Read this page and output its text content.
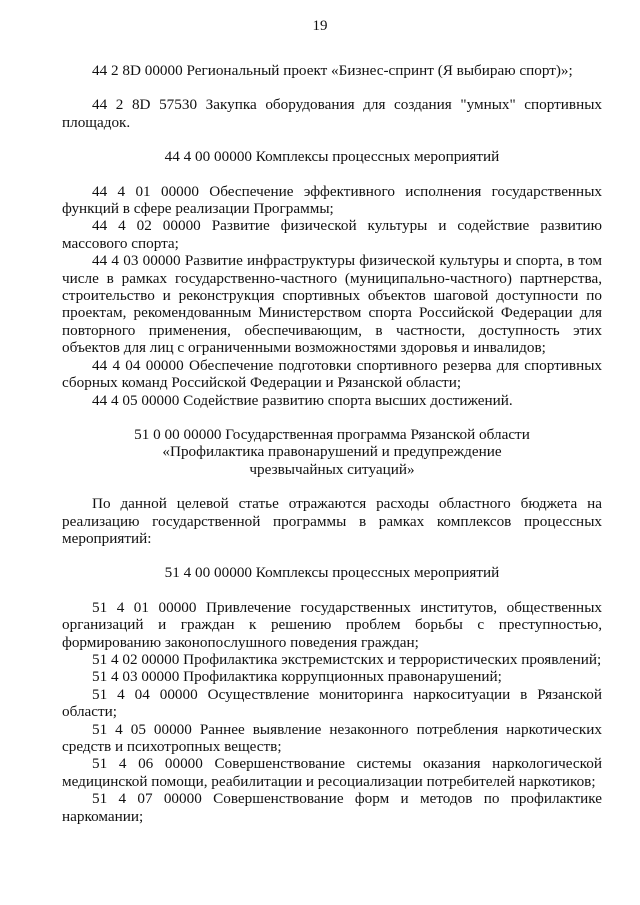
19

44 2 8D 00000 Региональный проект «Бизнес-спринт (Я выбираю спорт)»;

44 2 8D 57530 Закупка оборудования для создания "умных" спортивных площадок.

44 4 00 00000 Комплексы процессных мероприятий

44 4 01 00000 Обеспечение эффективного исполнения государственных функций в сфере реализации Программы;

44 4 02 00000 Развитие физической культуры и содействие развитию массового спорта;

44 4 03 00000 Развитие инфраструктуры физической культуры и спорта, в том числе в рамках государственно-частного (муниципально-частного) партнерства, строительство и реконструкция спортивных объектов шаговой доступности по проектам, рекомендованным Министерством спорта Российской Федерации для повторного применения, обеспечивающим, в частности, доступность этих объектов для лиц с ограниченными возможностями здоровья и инвалидов;

44 4 04 00000 Обеспечение подготовки спортивного резерва для спортивных сборных команд Российской Федерации и Рязанской области;

44 4 05 00000 Содействие развитию спорта высших достижений.

51 0 00 00000 Государственная программа Рязанской области
«Профилактика правонарушений и предупреждение
чрезвычайных ситуаций»

По данной целевой статье отражаются расходы областного бюджета на реализацию государственной программы в рамках комплексов процессных мероприятий:

51 4 00 00000 Комплексы процессных мероприятий

51 4 01 00000 Привлечение государственных институтов, общественных организаций и граждан к решению проблем борьбы с преступностью, формированию законопослушного поведения граждан;

51 4 02 00000 Профилактика экстремистских и террористических проявлений;

51 4 03 00000 Профилактика коррупционных правонарушений;

51 4 04 00000 Осуществление мониторинга наркоситуации в Рязанской области;

51 4 05 00000 Раннее выявление незаконного потребления наркотических средств и психотропных веществ;

51 4 06 00000 Совершенствование системы оказания наркологической медицинской помощи, реабилитации и ресоциализации потребителей наркотиков;

51 4 07 00000 Совершенствование форм и методов по профилактике наркомании;
